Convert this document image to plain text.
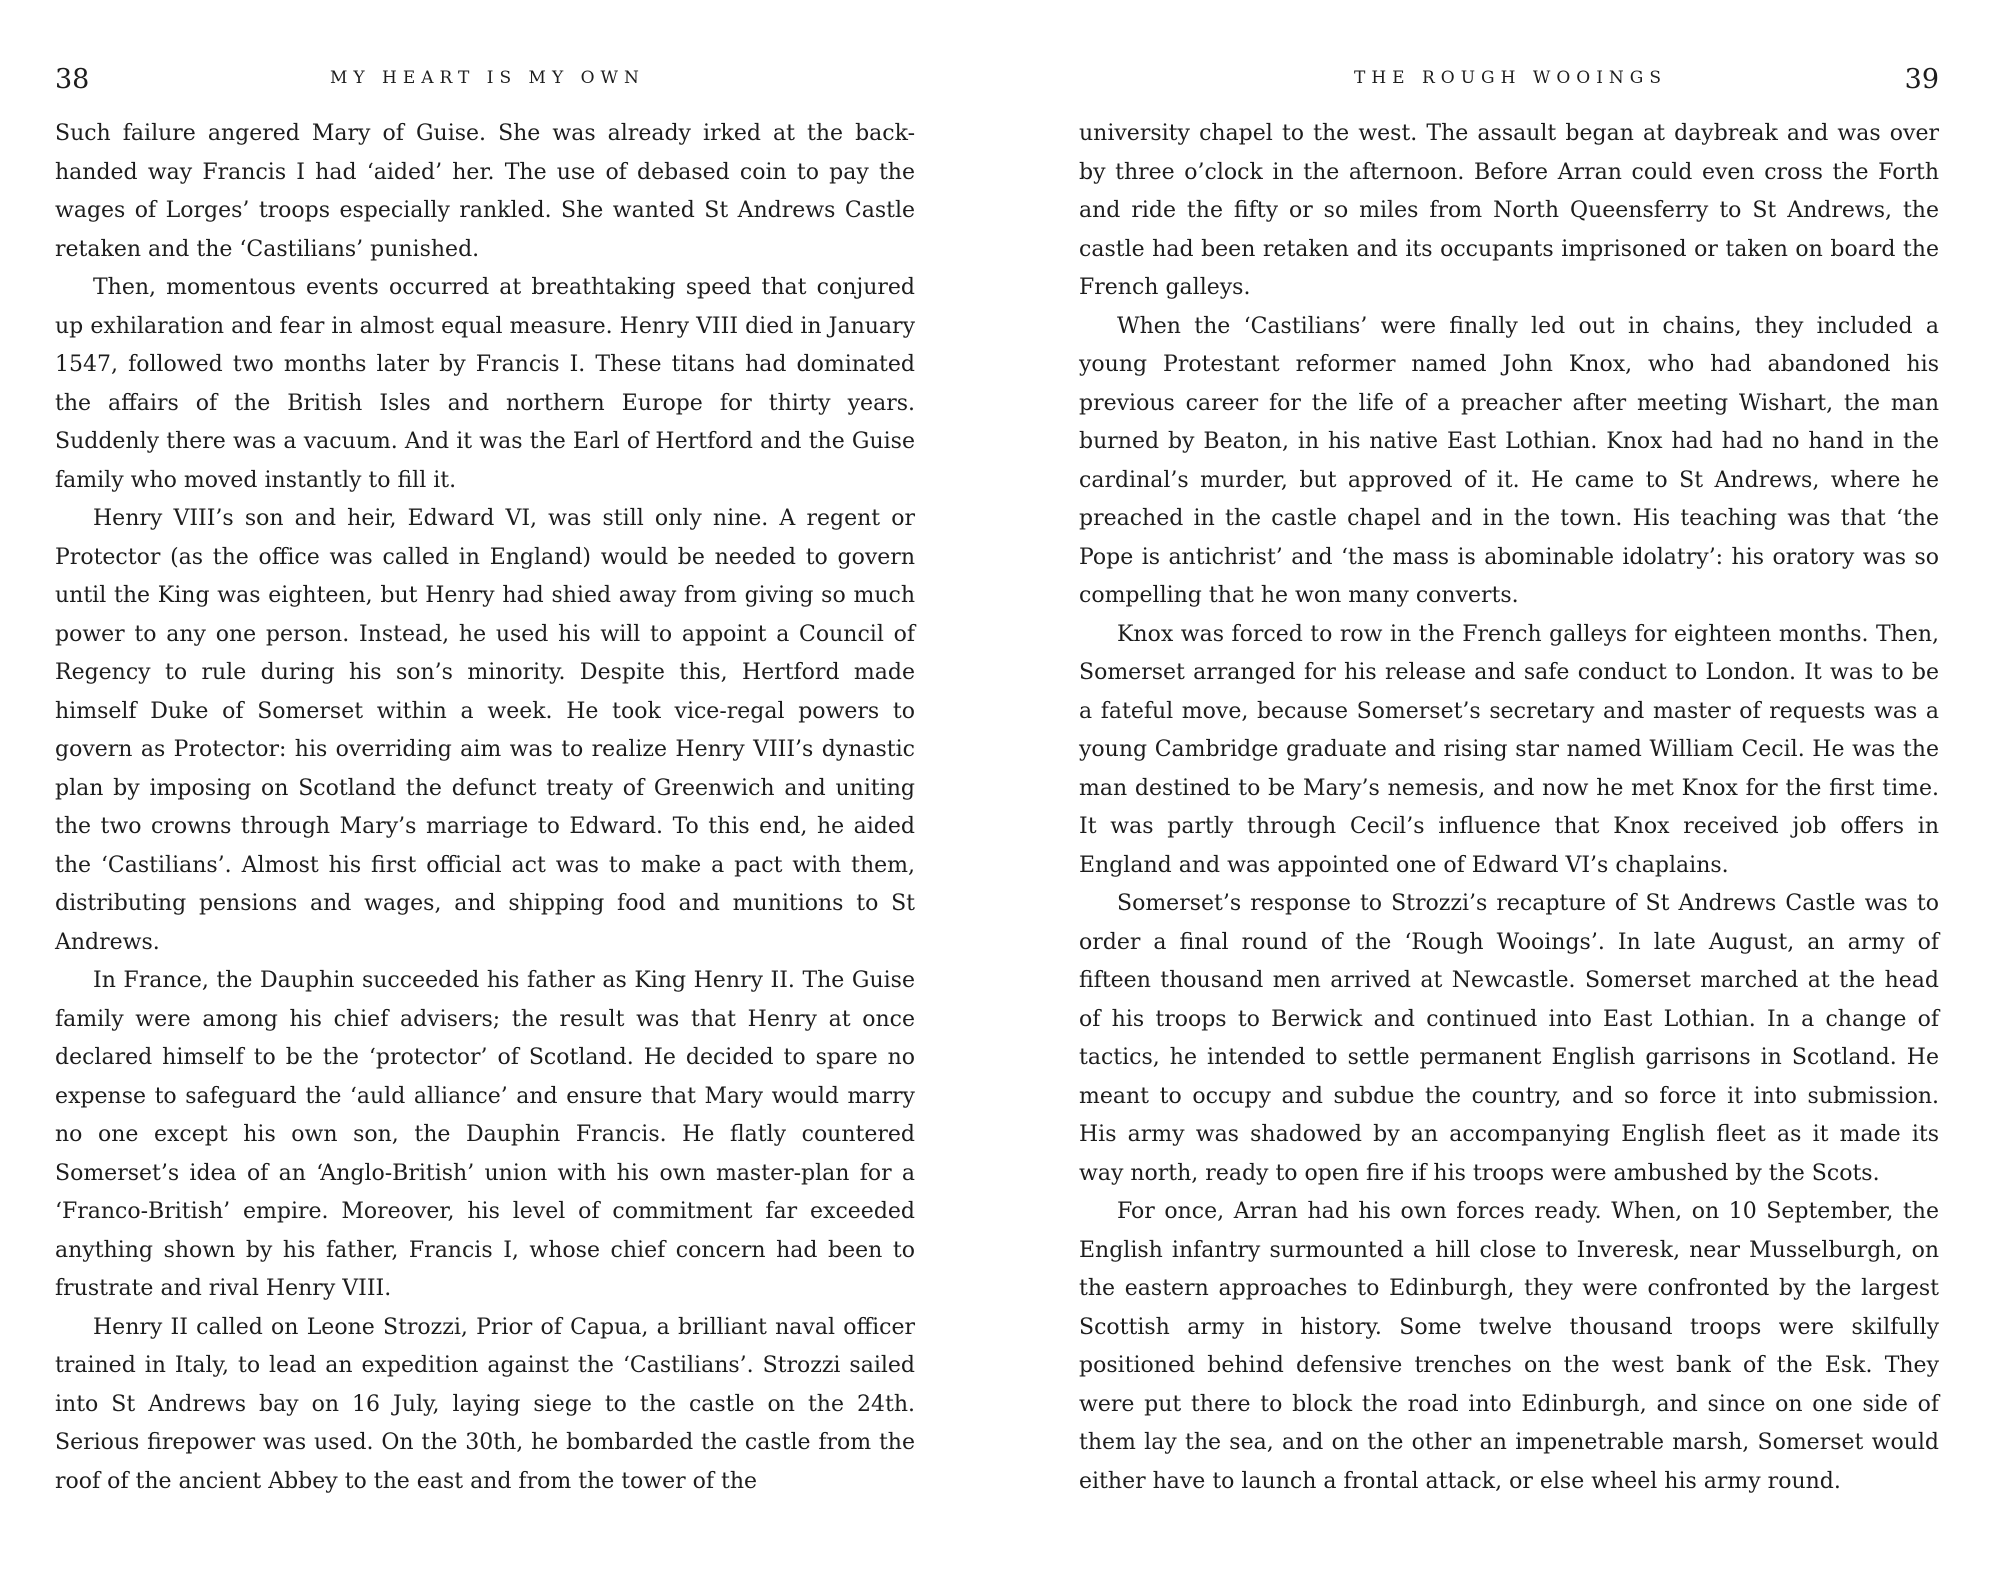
38	MY HEART IS MY OWN

Such failure angered Mary of Guise. She was already irked at the back-handed way Francis I had ‘aided’ her. The use of debased coin to pay the wages of Lorges’ troops especially rankled. She wanted St Andrews Castle retaken and the ‘Castilians’ punished.

Then, momentous events occurred at breathtaking speed that conjured up exhilaration and fear in almost equal measure. Henry VIII died in January 1547, followed two months later by Francis I. These titans had dominated the affairs of the British Isles and northern Europe for thirty years. Suddenly there was a vacuum. And it was the Earl of Hertford and the Guise family who moved instantly to fill it.

Henry VIII’s son and heir, Edward VI, was still only nine. A regent or Protector (as the office was called in England) would be needed to govern until the King was eighteen, but Henry had shied away from giving so much power to any one person. Instead, he used his will to appoint a Council of Regency to rule during his son’s minority. Despite this, Hertford made himself Duke of Somerset within a week. He took vice-regal powers to govern as Protector: his overriding aim was to realize Henry VIII’s dynastic plan by imposing on Scotland the defunct treaty of Greenwich and uniting the two crowns through Mary’s marriage to Edward. To this end, he aided the ‘Castilians’. Almost his first official act was to make a pact with them, distributing pensions and wages, and shipping food and munitions to St Andrews.

In France, the Dauphin succeeded his father as King Henry II. The Guise family were among his chief advisers; the result was that Henry at once declared himself to be the ‘protector’ of Scotland. He decided to spare no expense to safeguard the ‘auld alliance’ and ensure that Mary would marry no one except his own son, the Dauphin Francis. He flatly countered Somerset’s idea of an ‘Anglo-British’ union with his own master-plan for a ‘Franco-British’ empire. Moreover, his level of commitment far exceeded anything shown by his father, Francis I, whose chief concern had been to frustrate and rival Henry VIII.

Henry II called on Leone Strozzi, Prior of Capua, a brilliant naval officer trained in Italy, to lead an expedition against the ‘Castilians’. Strozzi sailed into St Andrews bay on 16 July, laying siege to the castle on the 24th. Serious firepower was used. On the 30th, he bombarded the castle from the roof of the ancient Abbey to the east and from the tower of the

THE ROUGH WOOINGS	39

university chapel to the west. The assault began at daybreak and was over by three o’clock in the afternoon. Before Arran could even cross the Forth and ride the fifty or so miles from North Queensferry to St Andrews, the castle had been retaken and its occupants imprisoned or taken on board the French galleys.

When the ‘Castilians’ were finally led out in chains, they included a young Protestant reformer named John Knox, who had abandoned his previous career for the life of a preacher after meeting Wishart, the man burned by Beaton, in his native East Lothian. Knox had had no hand in the cardinal’s murder, but approved of it. He came to St Andrews, where he preached in the castle chapel and in the town. His teaching was that ‘the Pope is antichrist’ and ‘the mass is abominable idolatry’: his oratory was so compelling that he won many converts.

Knox was forced to row in the French galleys for eighteen months. Then, Somerset arranged for his release and safe conduct to London. It was to be a fateful move, because Somerset’s secretary and master of requests was a young Cambridge graduate and rising star named William Cecil. He was the man destined to be Mary’s nemesis, and now he met Knox for the first time. It was partly through Cecil’s influence that Knox received job offers in England and was appointed one of Edward VI’s chaplains.

Somerset’s response to Strozzi’s recapture of St Andrews Castle was to order a final round of the ‘Rough Wooings’. In late August, an army of fifteen thousand men arrived at Newcastle. Somerset marched at the head of his troops to Berwick and continued into East Lothian. In a change of tactics, he intended to settle permanent English garrisons in Scotland. He meant to occupy and subdue the country, and so force it into submission. His army was shadowed by an accompanying English fleet as it made its way north, ready to open fire if his troops were ambushed by the Scots.

For once, Arran had his own forces ready. When, on 10 September, the English infantry surmounted a hill close to Inveresk, near Musselburgh, on the eastern approaches to Edinburgh, they were confronted by the largest Scottish army in history. Some twelve thousand troops were skilfully positioned behind defensive trenches on the west bank of the Esk. They were put there to block the road into Edinburgh, and since on one side of them lay the sea, and on the other an impenetrable marsh, Somerset would either have to launch a frontal attack, or else wheel his army round.
